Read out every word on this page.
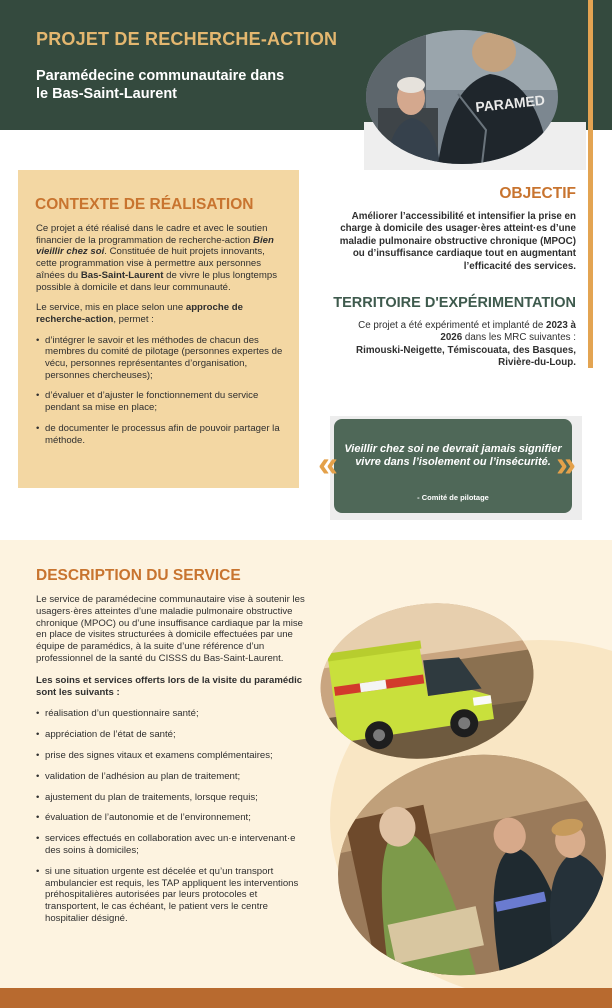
PROJET DE RECHERCHE-ACTION
Paramédecine communautaire dans le Bas-Saint-Laurent	PARAMED
CONTEXTE DE RÉALISATION

Ce projet a été réalisé dans le cadre et avec le soutien financier de la programmation de recherche-action Bien vieillir chez soi. Constituée de huit projets innovants, cette programmation vise à permettre aux personnes aînées du Bas-Saint-Laurent de vivre le plus longtemps possible à domicile et dans leur communauté.

Le service, mis en place selon une approche de recherche-action, permet :

• d’intégrer le savoir et les méthodes de chacun des membres du comité de pilotage (personnes expertes de vécu, personnes représentantes d’organisation, personnes chercheuses);
• d’évaluer et d’ajuster le fonctionnement du service pendant sa mise en place;
• de documenter le processus afin de pouvoir partager la méthode.
OBJECTIF
Améliorer l’accessibilité et intensifier la prise en charge à domicile des usager·ères atteint·es d’une maladie pulmonaire obstructive chronique (MPOC) ou d’insuffisance cardiaque tout en augmentant l’efficacité des services.
TERRITOIRE D'EXPÉRIMENTATION
Ce projet a été expérimenté et implanté de 2023 à 2026 dans les MRC suivantes :
Rimouski-Neigette, Témiscouata, des Basques, Rivière-du-Loup.
Vieillir chez soi ne devrait jamais signifier vivre dans l’isolement ou l’insécurité.
- Comité de pilotage
«	»
DESCRIPTION DU SERVICE

Le service de paramédecine communautaire vise à soutenir les usagers·ères atteintes d’une maladie pulmonaire obstructive chronique (MPOC) ou d’une insuffisance cardiaque par la mise en place de visites structurées à domicile effectuées par une équipe de paramédics, à la suite d’une référence d’un professionnel de la santé du CISSS du Bas-Saint-Laurent.

Les soins et services offerts lors de la visite du paramédic sont les suivants :

• réalisation d’un questionnaire santé;
• appréciation de l’état de santé;
• prise des signes vitaux et examens complémentaires;
• validation de l’adhésion au plan de traitement;
• ajustement du plan de traitements, lorsque requis;
• évaluation de l’autonomie et de l’environnement;
• services effectués en collaboration avec un·e intervenant·e des soins à domiciles;
• si une situation urgente est décelée et qu’un transport ambulancier est requis, les TAP appliquent les interventions préhospitalières autorisées par leurs protocoles et transportent, le cas échéant, le patient vers le centre hospitalier désigné.
